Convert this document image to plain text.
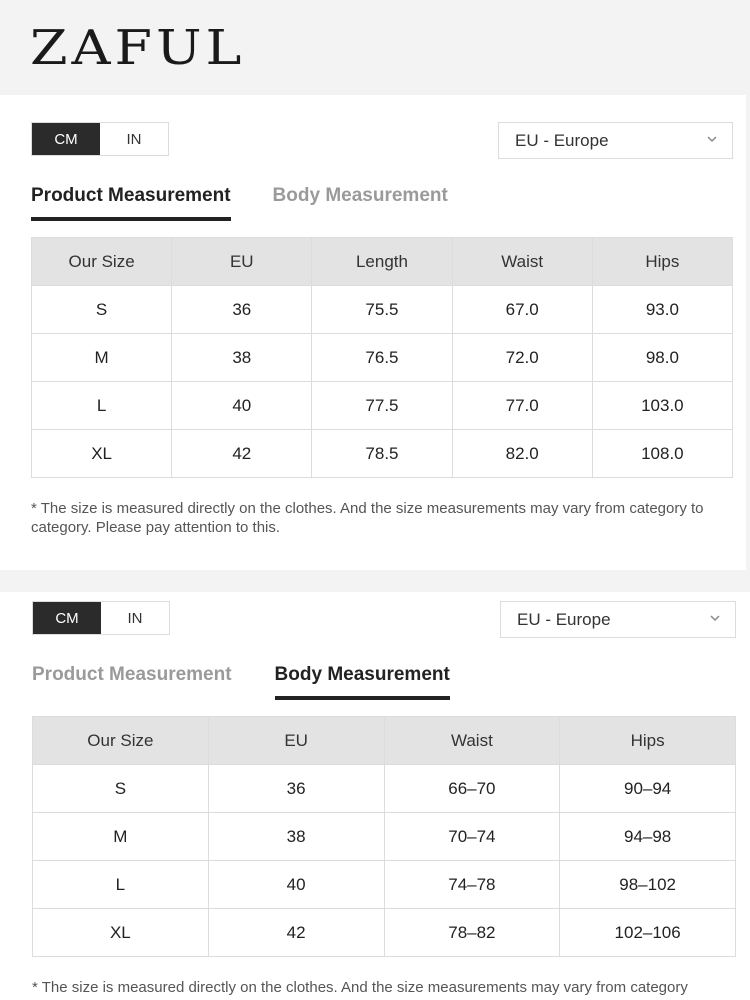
ZAFUL
CM	IN	EU - Europe
Product Measurement Body Measurement
Our Size	EU	Length	Waist	Hips
S	36	75.5	67.0	93.0
M	38	76.5	72.0	98.0
L	40	77.5	77.0	103.0
XL	42	78.5	82.0	108.0
* The size is measured directly on the clothes. And the size measurements may vary from category to category. Please pay attention to this.
CM	IN	EU - Europe
Product Measurement Body Measurement
Our Size	EU	Waist	Hips
S	36	66–70	90–94
M	38	70–74	94–98
L	40	74–78	98–102
XL	42	78–82	102–106
* The size is measured directly on the clothes. And the size measurements may vary from category
